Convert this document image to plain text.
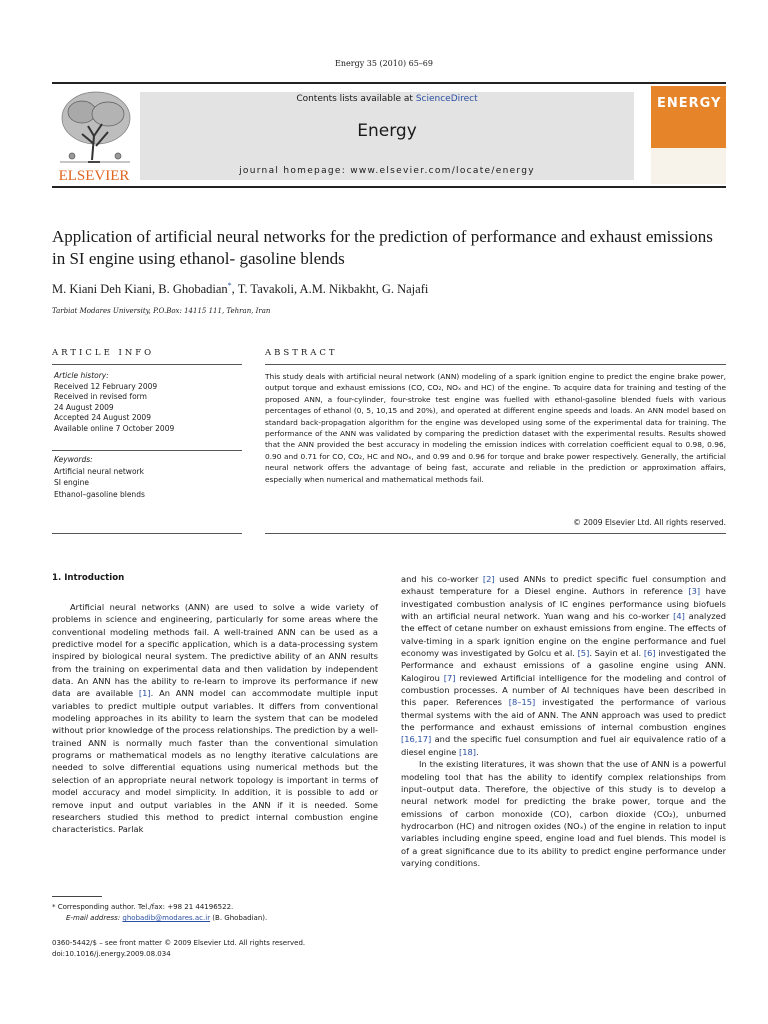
Energy 35 (2010) 65–69
ELSEVIER
Contents lists available at ScienceDirect
Energy
journal homepage: www.elsevier.com/locate/energy
ENERGY
Application of artificial neural networks for the prediction of performance and exhaust emissions in SI engine using ethanol- gasoline blends
M. Kiani Deh Kiani, B. Ghobadian*, T. Tavakoli, A.M. Nikbakht, G. Najafi
Tarbiat Modares University, P.O.Box: 14115 111, Tehran, Iran
ARTICLE INFO	ABSTRACT
Article history:
Received 12 February 2009
Received in revised form
24 August 2009
Accepted 24 August 2009
Available online 7 October 2009
Keywords:
Artificial neural network
SI engine
Ethanol–gasoline blends
This study deals with artificial neural network (ANN) modeling of a spark ignition engine to predict the engine brake power, output torque and exhaust emissions (CO, CO₂, NOₓ and HC) of the engine. To acquire data for training and testing of the proposed ANN, a four-cylinder, four-stroke test engine was fuelled with ethanol-gasoline blended fuels with various percentages of ethanol (0, 5, 10,15 and 20%), and operated at different engine speeds and loads. An ANN model based on standard back-propagation algorithm for the engine was developed using some of the experimental data for training. The performance of the ANN was validated by comparing the prediction dataset with the experimental results. Results showed that the ANN provided the best accuracy in modeling the emission indices with correlation coefficient equal to 0.98, 0.96, 0.90 and 0.71 for CO, CO₂, HC and NOₓ, and 0.99 and 0.96 for torque and brake power respectively. Generally, the artificial neural network offers the advantage of being fast, accurate and reliable in the prediction or approximation affairs, especially when numerical and mathematical methods fail.
© 2009 Elsevier Ltd. All rights reserved.
1. Introduction

Artificial neural networks (ANN) are used to solve a wide variety of problems in science and engineering, particularly for some areas where the conventional modeling methods fail. A well-trained ANN can be used as a predictive model for a specific application, which is a data-processing system inspired by biological neural system. The predictive ability of an ANN results from the training on experimental data and then validation by independent data. An ANN has the ability to re-learn to improve its performance if new data are available [1]. An ANN model can accommodate multiple input variables to predict multiple output variables. It differs from conventional modeling approaches in its ability to learn the system that can be modeled without prior knowledge of the process relationships. The prediction by a well-trained ANN is normally much faster than the conventional simulation programs or mathematical models as no lengthy iterative calculations are needed to solve differential equations using numerical methods but the selection of an appropriate neural network topology is important in terms of model accuracy and model simplicity. In addition, it is possible to add or remove input and output variables in the ANN if it is needed. Some researchers studied this method to predict internal combustion engine characteristics. Parlak

and his co-worker [2] used ANNs to predict specific fuel consumption and exhaust temperature for a Diesel engine. Authors in reference [3] have investigated combustion analysis of IC engines performance using biofuels with an artificial neural network. Yuan wang and his co-worker [4] analyzed the effect of cetane number on exhaust emissions from engine. The effects of valve-timing in a spark ignition engine on the engine performance and fuel economy was investigated by Golcu et al. [5]. Sayin et al. [6] investigated the Performance and exhaust emissions of a gasoline engine using ANN. Kalogirou [7] reviewed Artificial intelligence for the modeling and control of combustion processes. A number of AI techniques have been described in this paper. References [8–15] investigated the performance of various thermal systems with the aid of ANN. The ANN approach was used to predict the performance and exhaust emissions of internal combustion engines [16,17] and the specific fuel consumption and fuel air equivalence ratio of a diesel engine [18].

In the existing literatures, it was shown that the use of ANN is a powerful modeling tool that has the ability to identify complex relationships from input–output data. Therefore, the objective of this study is to develop a neural network model for predicting the brake power, torque and the emissions of carbon monoxide (CO), carbon dioxide (CO₂), unburned hydrocarbon (HC) and nitrogen oxides (NOₓ) of the engine in relation to input variables including engine speed, engine load and fuel blends. This model is of a great significance due to its ability to predict engine performance under varying conditions.

* Corresponding author. Tel./fax: +98 21 44196522.
E-mail address: ghobadib@modares.ac.ir (B. Ghobadian).
0360-5442/$ – see front matter © 2009 Elsevier Ltd. All rights reserved.
doi:10.1016/j.energy.2009.08.034
